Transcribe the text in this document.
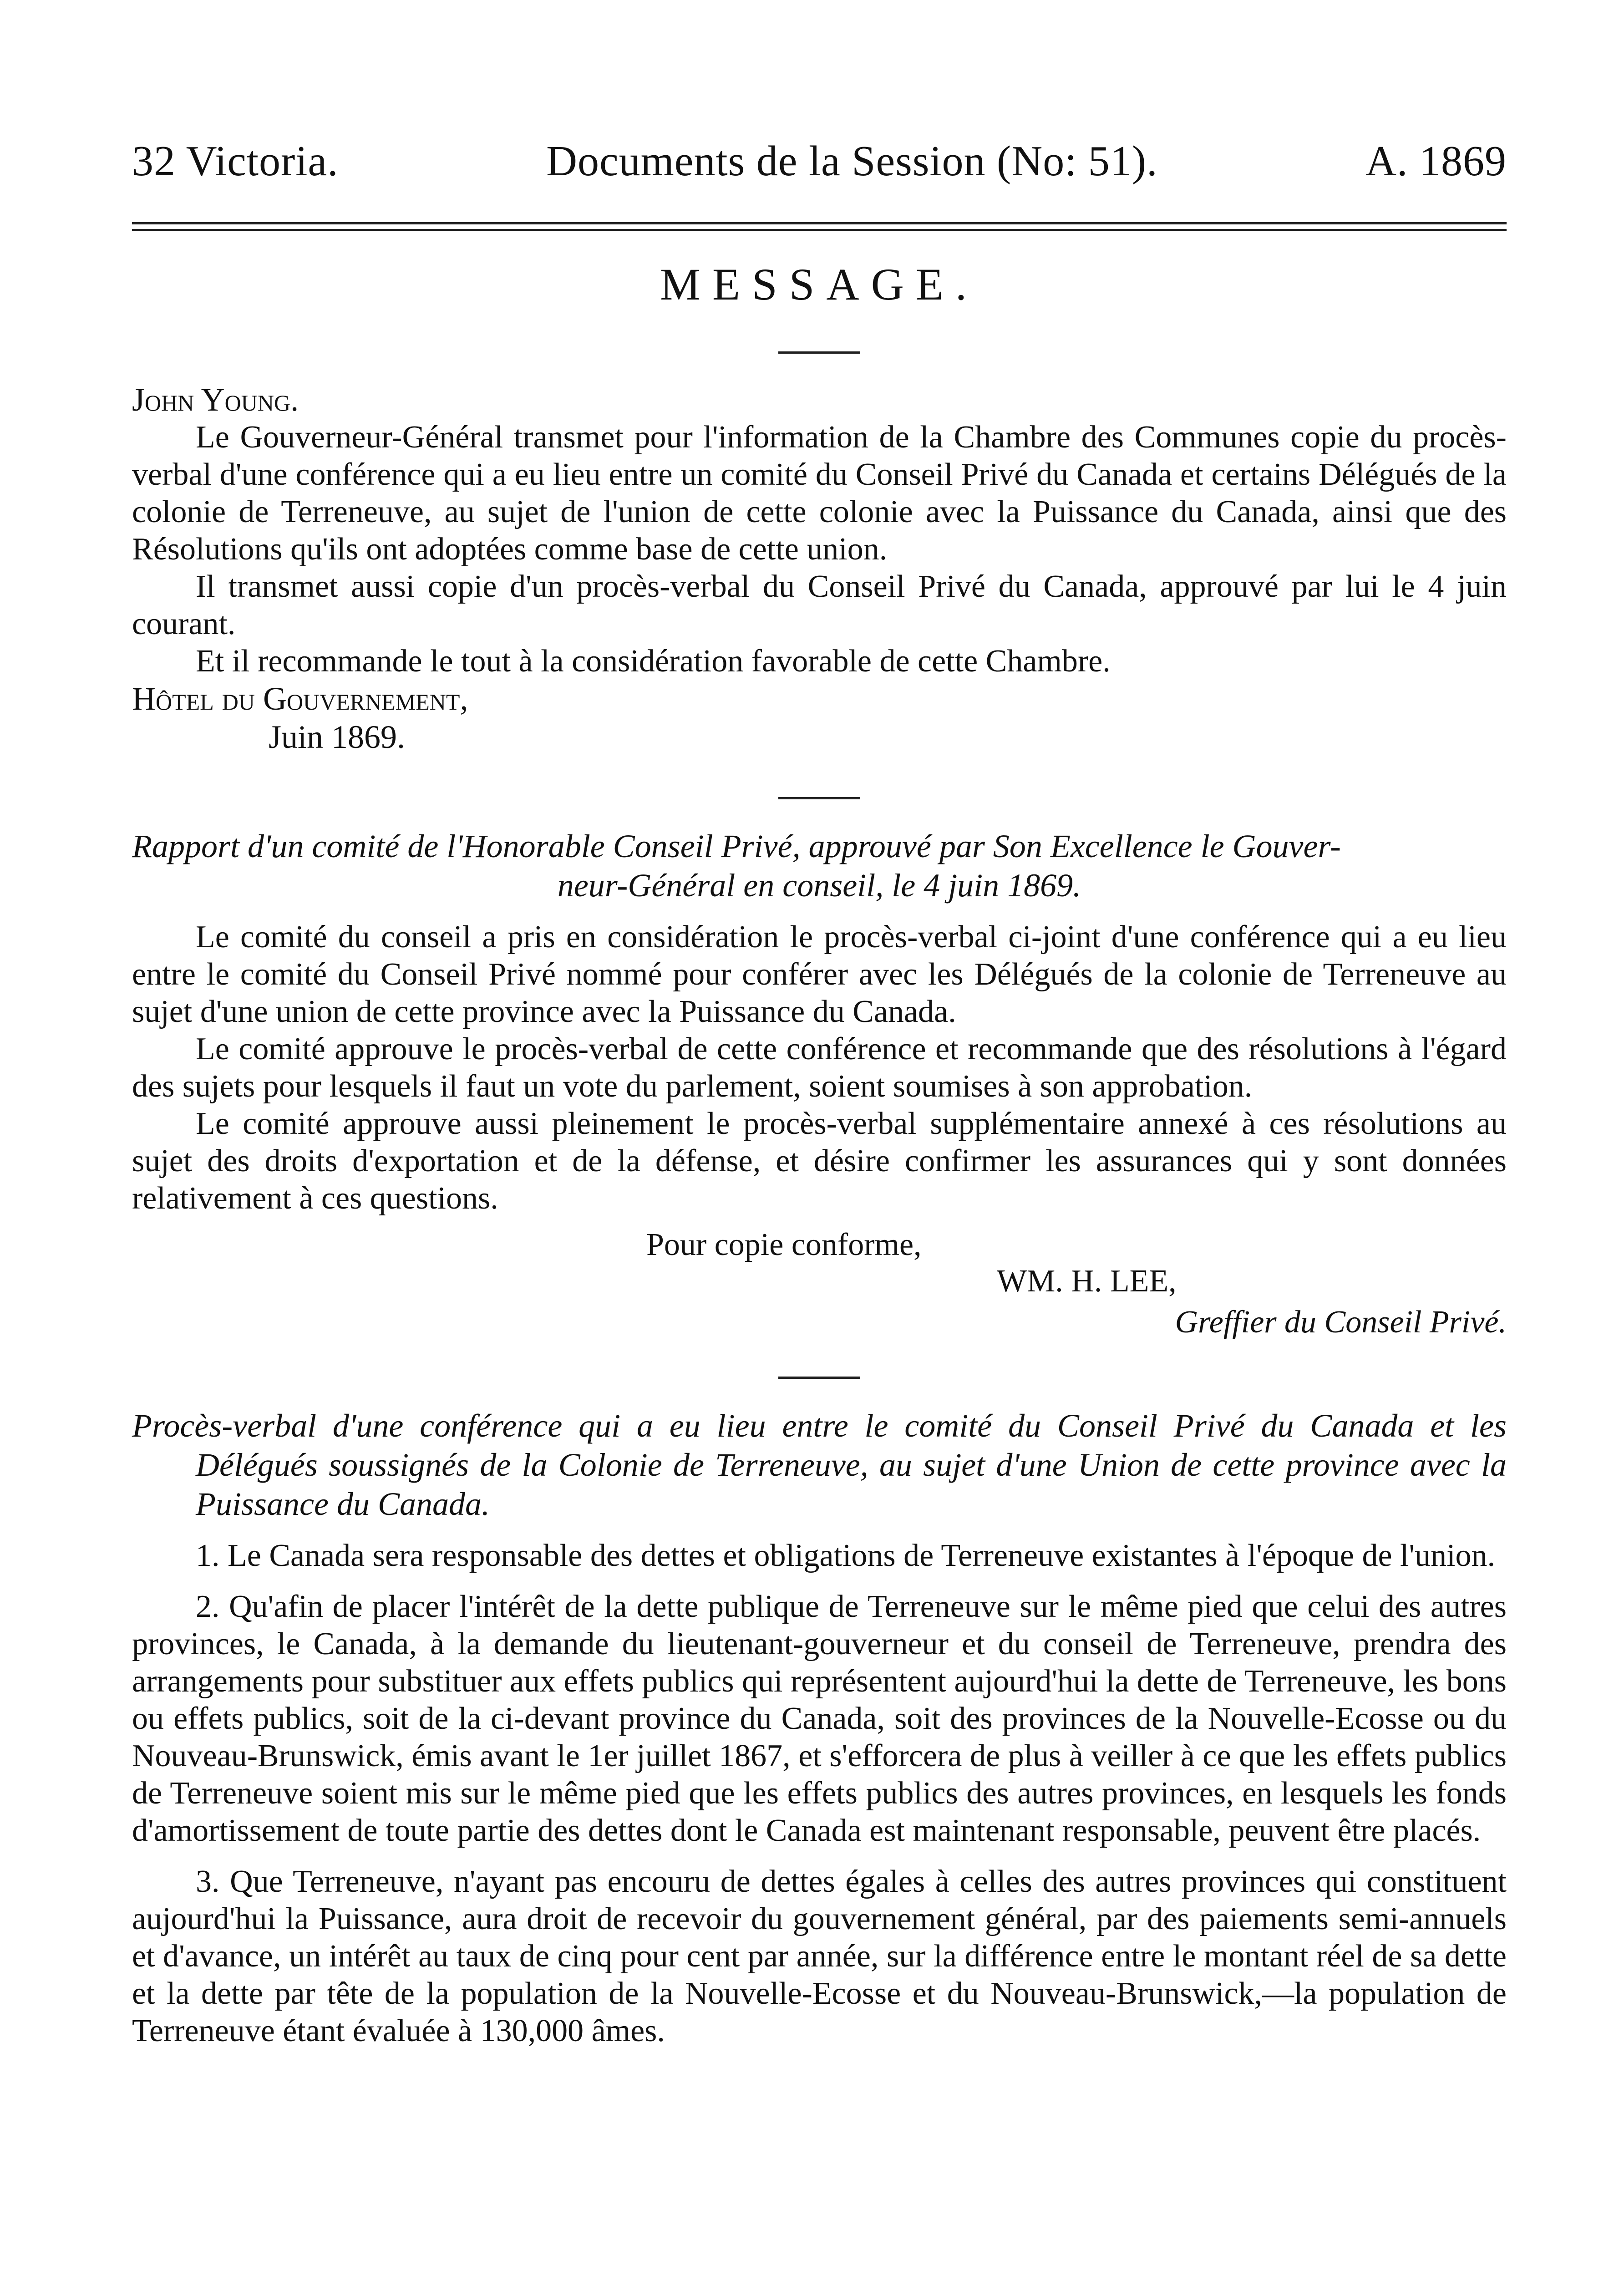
32 Victoria.	Documents de la Session (No: 51).	A. 1869
MESSAGE.
John Young.

Le Gouverneur-Général transmet pour l'information de la Chambre des Communes copie du procès-verbal d'une conférence qui a eu lieu entre un comité du Conseil Privé du Canada et certains Délégués de la colonie de Terreneuve, au sujet de l'union de cette colonie avec la Puissance du Canada, ainsi que des Résolutions qu'ils ont adoptées comme base de cette union.

Il transmet aussi copie d'un procès-verbal du Conseil Privé du Canada, approuvé par lui le 4 juin courant.

Et il recommande le tout à la considération favorable de cette Chambre.

Hôtel du Gouvernement,
Juin 1869.
Rapport d'un comité de l'Honorable Conseil Privé, approuvé par Son Excellence le Gouver-
neur-Général en conseil, le 4 juin 1869.

Le comité du conseil a pris en considération le procès-verbal ci-joint d'une conférence qui a eu lieu entre le comité du Conseil Privé nommé pour conférer avec les Délégués de la colonie de Terreneuve au sujet d'une union de cette province avec la Puissance du Canada.

Le comité approuve le procès-verbal de cette conférence et recommande que des résolutions à l'égard des sujets pour lesquels il faut un vote du parlement, soient soumises à son approbation.

Le comité approuve aussi pleinement le procès-verbal supplémentaire annexé à ces résolutions au sujet des droits d'exportation et de la défense, et désire confirmer les assurances qui y sont données relativement à ces questions.

Pour copie conforme,
WM. H. LEE,
Greffier du Conseil Privé.
Procès-verbal d'une conférence qui a eu lieu entre le comité du Conseil Privé du Canada et les Délégués soussignés de la Colonie de Terreneuve, au sujet d'une Union de cette province avec la Puissance du Canada.

1. Le Canada sera responsable des dettes et obligations de Terreneuve existantes à l'époque de l'union.

2. Qu'afin de placer l'intérêt de la dette publique de Terreneuve sur le même pied que celui des autres provinces, le Canada, à la demande du lieutenant-gouverneur et du conseil de Terreneuve, prendra des arrangements pour substituer aux effets publics qui représentent aujourd'hui la dette de Terreneuve, les bons ou effets publics, soit de la ci-devant province du Canada, soit des provinces de la Nouvelle-Ecosse ou du Nouveau-Brunswick, émis avant le 1er juillet 1867, et s'efforcera de plus à veiller à ce que les effets publics de Terreneuve soient mis sur le même pied que les effets publics des autres provinces, en lesquels les fonds d'amortissement de toute partie des dettes dont le Canada est maintenant responsable, peuvent être placés.

3. Que Terreneuve, n'ayant pas encouru de dettes égales à celles des autres provinces qui constituent aujourd'hui la Puissance, aura droit de recevoir du gouvernement général, par des paiements semi-annuels et d'avance, un intérêt au taux de cinq pour cent par année, sur la différence entre le montant réel de sa dette et la dette par tête de la population de la Nouvelle-Ecosse et du Nouveau-Brunswick,—la population de Terreneuve étant évaluée à 130,000 âmes.
